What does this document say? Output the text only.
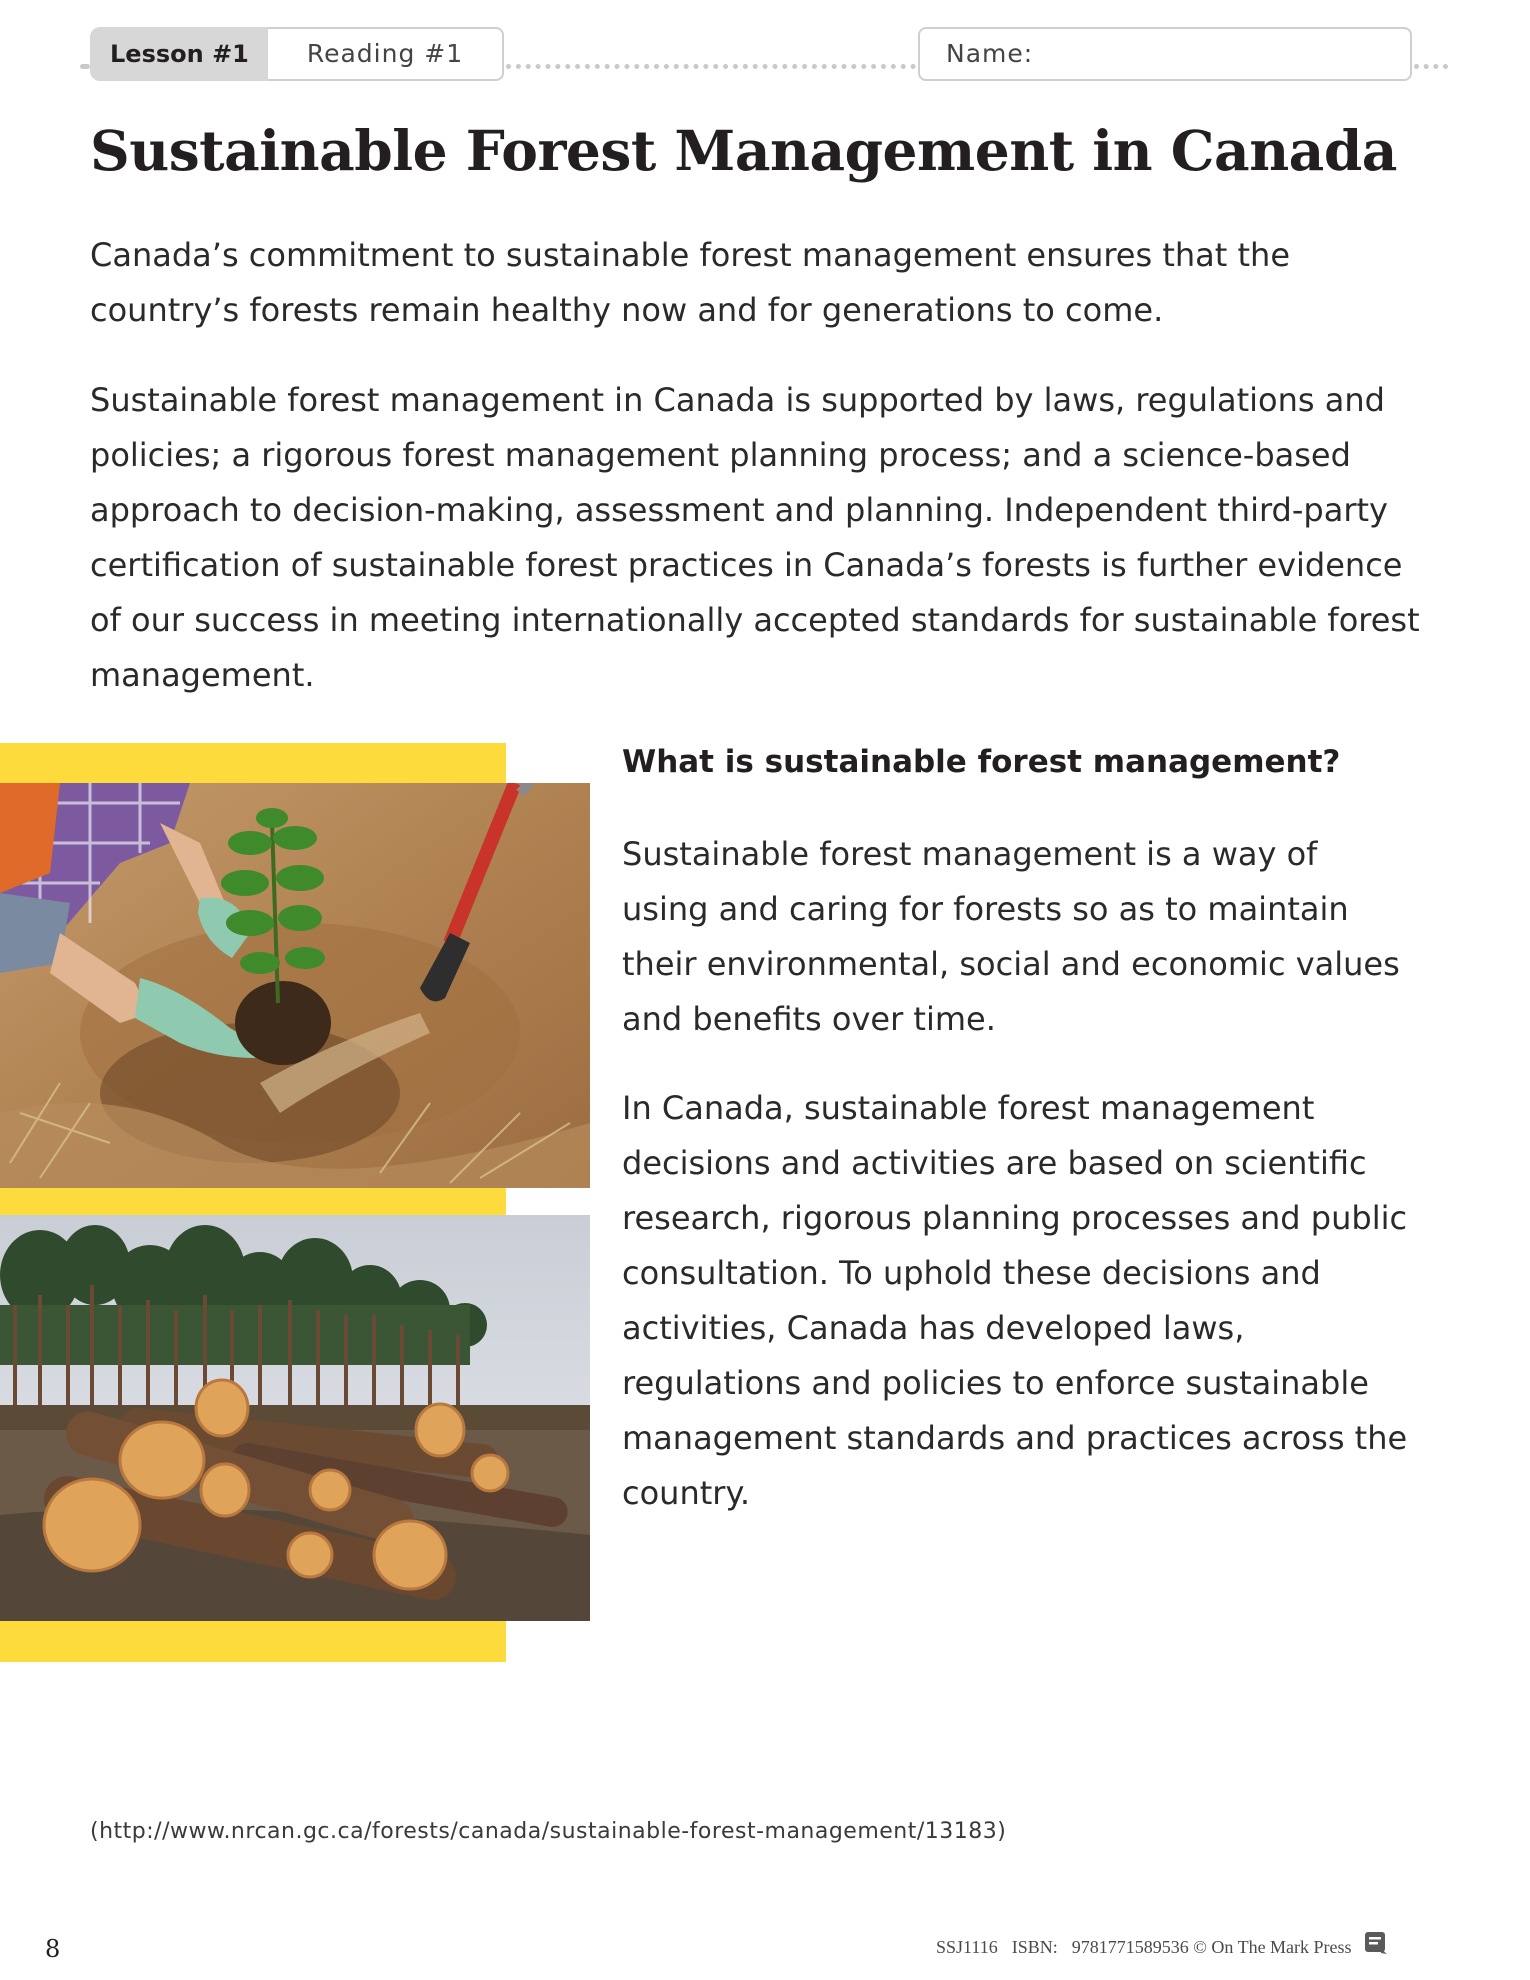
Lesson #1	Reading #1	Name:
Sustainable Forest Management in Canada

Canada’s commitment to sustainable forest management ensures that the country’s forests remain healthy now and for generations to come.

Sustainable forest management in Canada is supported by laws, regulations and policies; a rigorous forest management planning process; and a science-based approach to decision-making, assessment and planning. Independent third-party certification of sustainable forest practices in Canada’s forests is further evidence of our success in meeting internationally accepted standards for sustainable forest management.

What is sustainable forest management?

Sustainable forest management is a way of using and caring for forests so as to maintain their environmental, social and economic values and benefits over time.

In Canada, sustainable forest management decisions and activities are based on scientific research, rigorous planning processes and public consultation. To uphold these decisions and activities, Canada has developed laws, regulations and policies to enforce sustainable management standards and practices across the country.

(http://www.nrcan.gc.ca/forests/canada/sustainable-forest-management/13183)
8	SSJ1116 ISBN: 9781771589536 © On The Mark Press
